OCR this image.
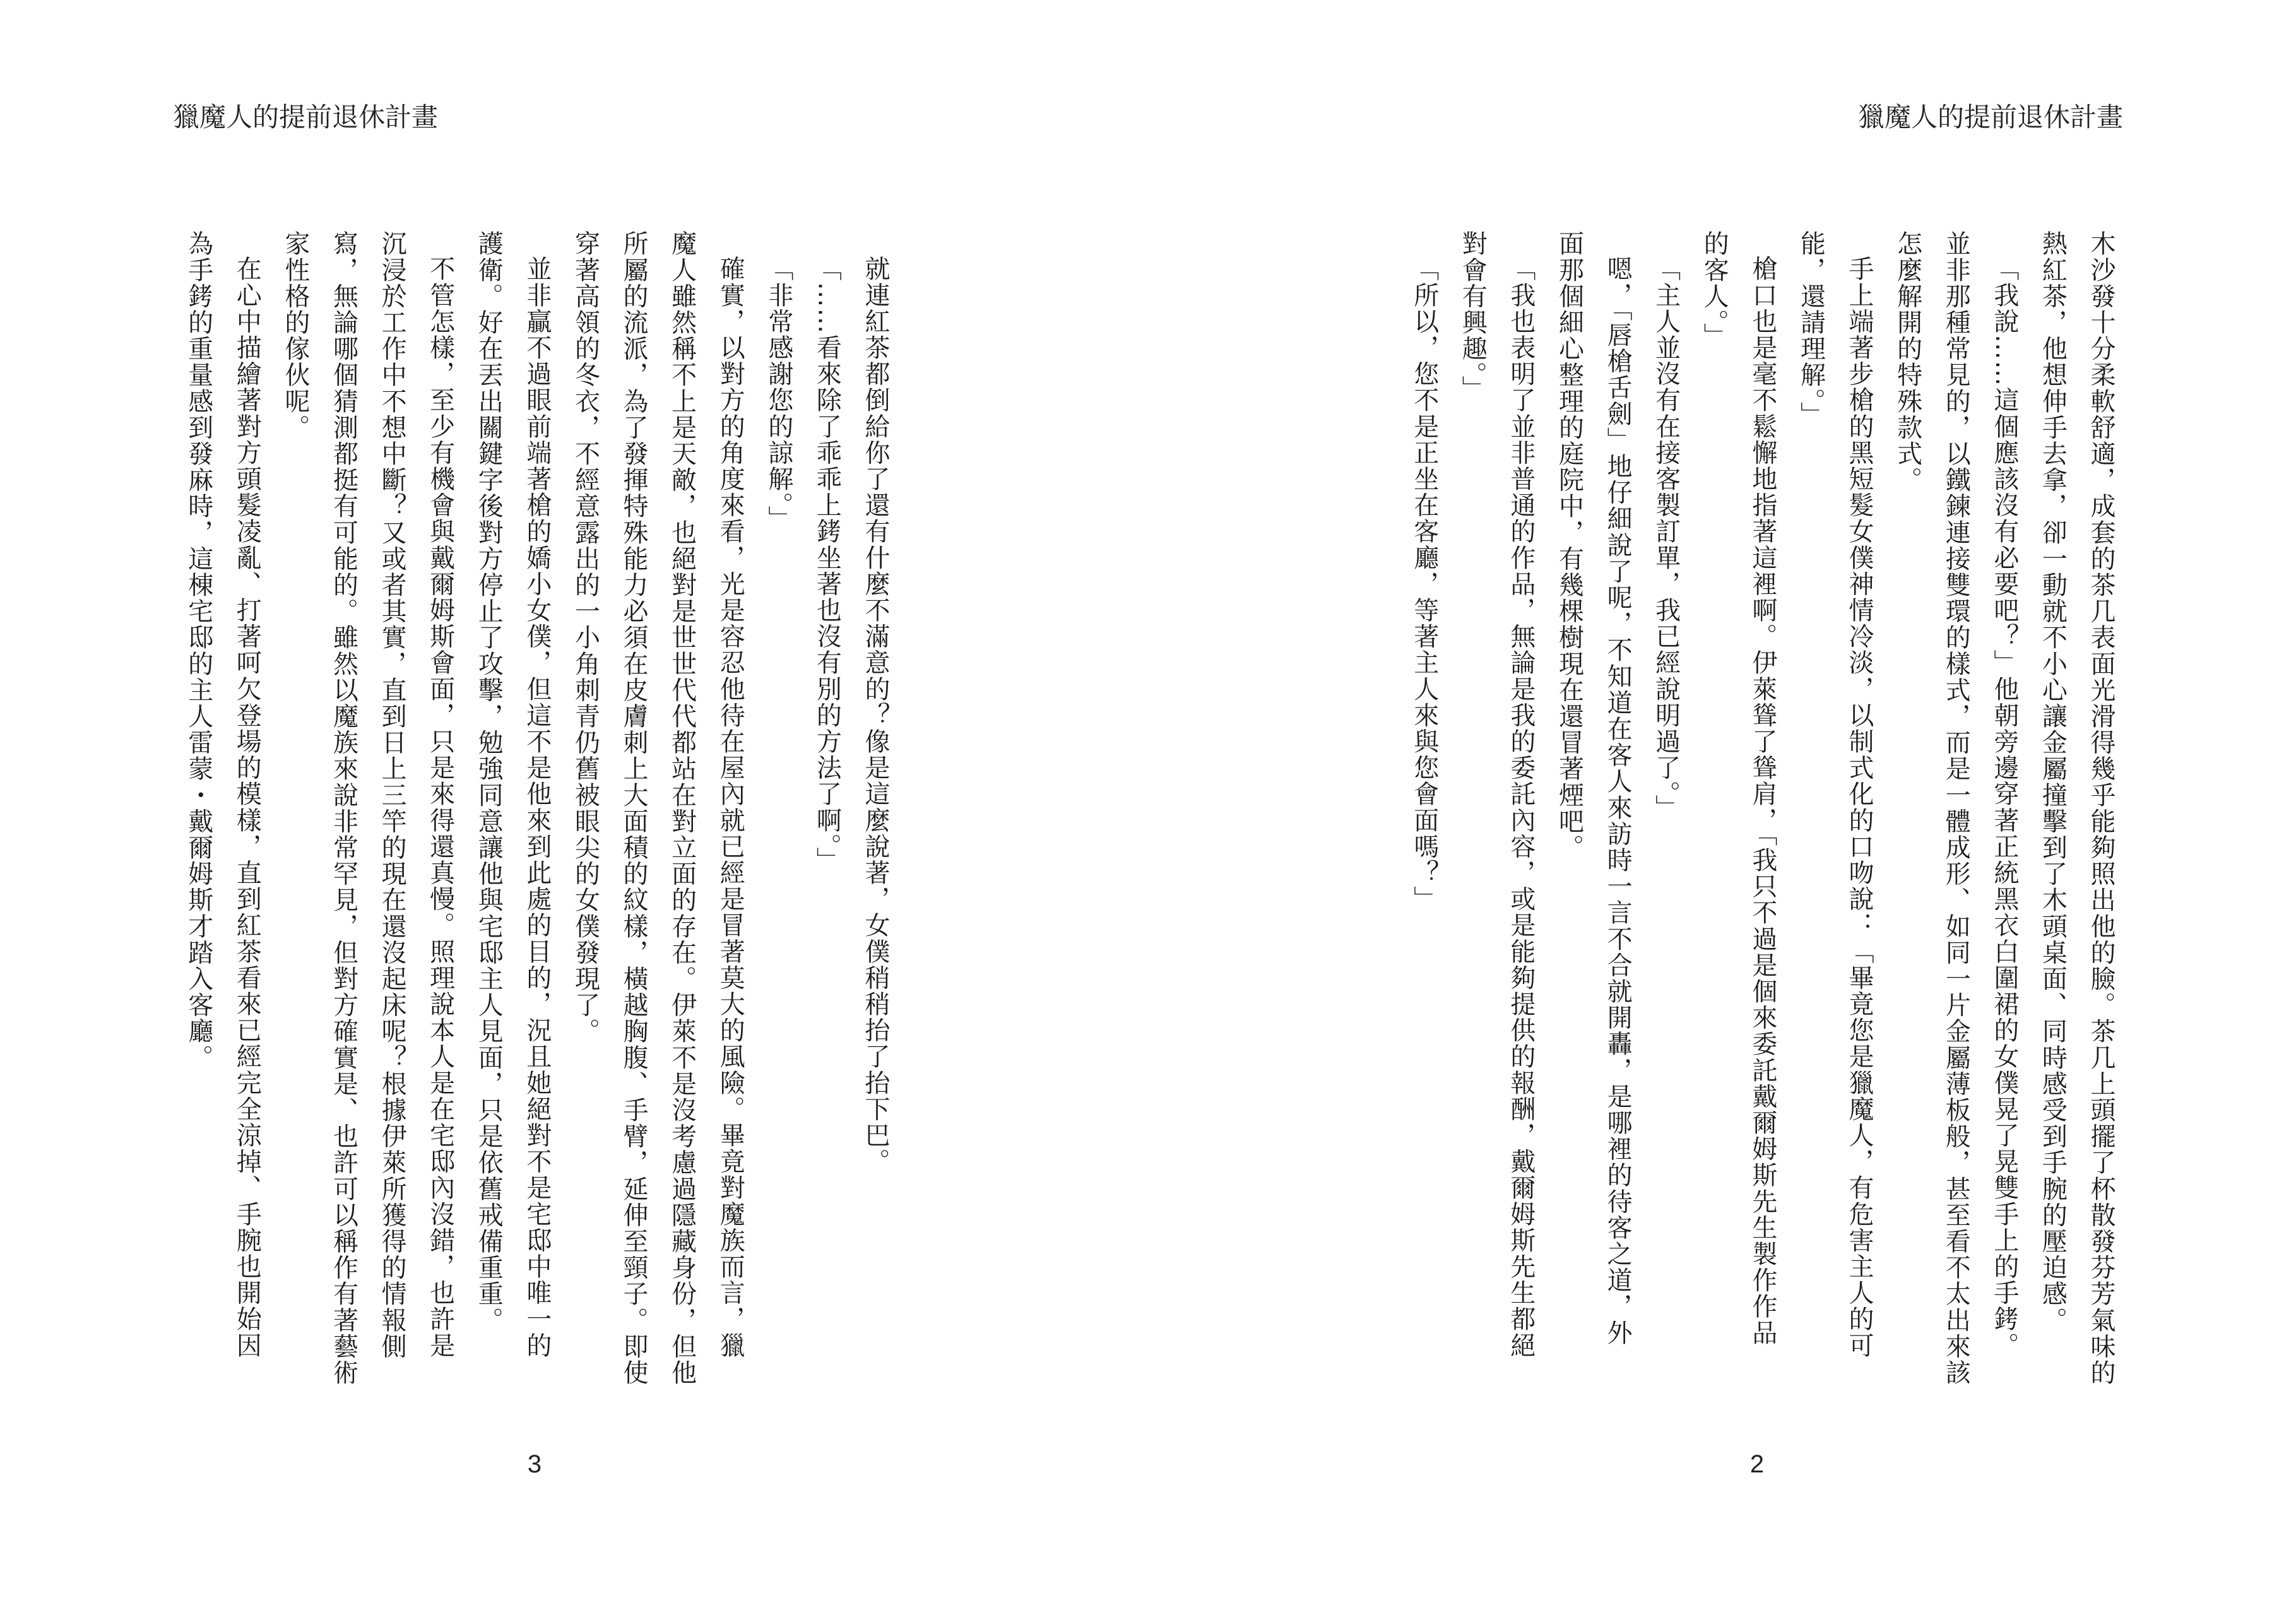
獵魔人的提前退休計畫	獵魔人的提前退休計畫
木沙發十分柔軟舒適，成套的茶几表面光滑得幾乎能夠照出他的臉。茶几上頭擺了杯散發芬芳氣味的
熱紅茶，他想伸手去拿，卻一動就不小心讓金屬撞擊到了木頭桌面、同時感受到手腕的壓迫感。
「我說……這個應該沒有必要吧？」他朝旁邊穿著正統黑衣白圍裙的女僕晃了晃雙手上的手銬。
並非那種常見的，以鐵鍊連接雙環的樣式，而是一體成形、如同一片金屬薄板般，甚至看不太出來該
怎麼解開的特殊款式。
手上端著步槍的黑短髮女僕神情冷淡，以制式化的口吻說：「畢竟您是獵魔人，有危害主人的可
能，還請理解。」
槍口也是毫不鬆懈地指著這裡啊。伊萊聳了聳肩，「我只不過是個來委託戴爾姆斯先生製作作品
的客人。」
「主人並沒有在接客製訂單，我已經說明過了。」
嗯，「唇槍舌劍」地仔細說了呢，不知道在客人來訪時一言不合就開轟，是哪裡的待客之道，外
面那個細心整理的庭院中，有幾棵樹現在還冒著煙吧。
「我也表明了並非普通的作品，無論是我的委託內容，或是能夠提供的報酬，戴爾姆斯先生都絕
對會有興趣。」
「所以，您不是正坐在客廳，等著主人來與您會面嗎？」
就連紅茶都倒給你了還有什麼不滿意的？像是這麼說著，女僕稍稍抬了抬下巴。
「……看來除了乖乖上銬坐著也沒有別的方法了啊。」
「非常感謝您的諒解。」
確實，以對方的角度來看，光是容忍他待在屋內就已經是冒著莫大的風險。畢竟對魔族而言，獵
魔人雖然稱不上是天敵，也絕對是世世代代都站在對立面的存在。伊萊不是沒考慮過隱藏身份，但他
所屬的流派，為了發揮特殊能力必須在皮膚刺上大面積的紋樣，橫越胸腹、手臂，延伸至頸子。即使
穿著高領的冬衣，不經意露出的一小角刺青仍舊被眼尖的女僕發現了。
並非贏不過眼前端著槍的嬌小女僕，但這不是他來到此處的目的，況且她絕對不是宅邸中唯一的
護衛。好在丟出關鍵字後對方停止了攻擊，勉強同意讓他與宅邸主人見面，只是依舊戒備重重。
不管怎樣，至少有機會與戴爾姆斯會面，只是來得還真慢。照理說本人是在宅邸內沒錯，也許是
沉浸於工作中不想中斷？又或者其實，直到日上三竿的現在還沒起床呢？根據伊萊所獲得的情報側
寫，無論哪個猜測都挺有可能的。雖然以魔族來說非常罕見，但對方確實是、也許可以稱作有著藝術
家性格的傢伙呢。
在心中描繪著對方頭髮凌亂、打著呵欠登場的模樣，直到紅茶看來已經完全涼掉、手腕也開始因
為手銬的重量感到發麻時，這棟宅邸的主人雷蒙・戴爾姆斯才踏入客廳。
3	2
